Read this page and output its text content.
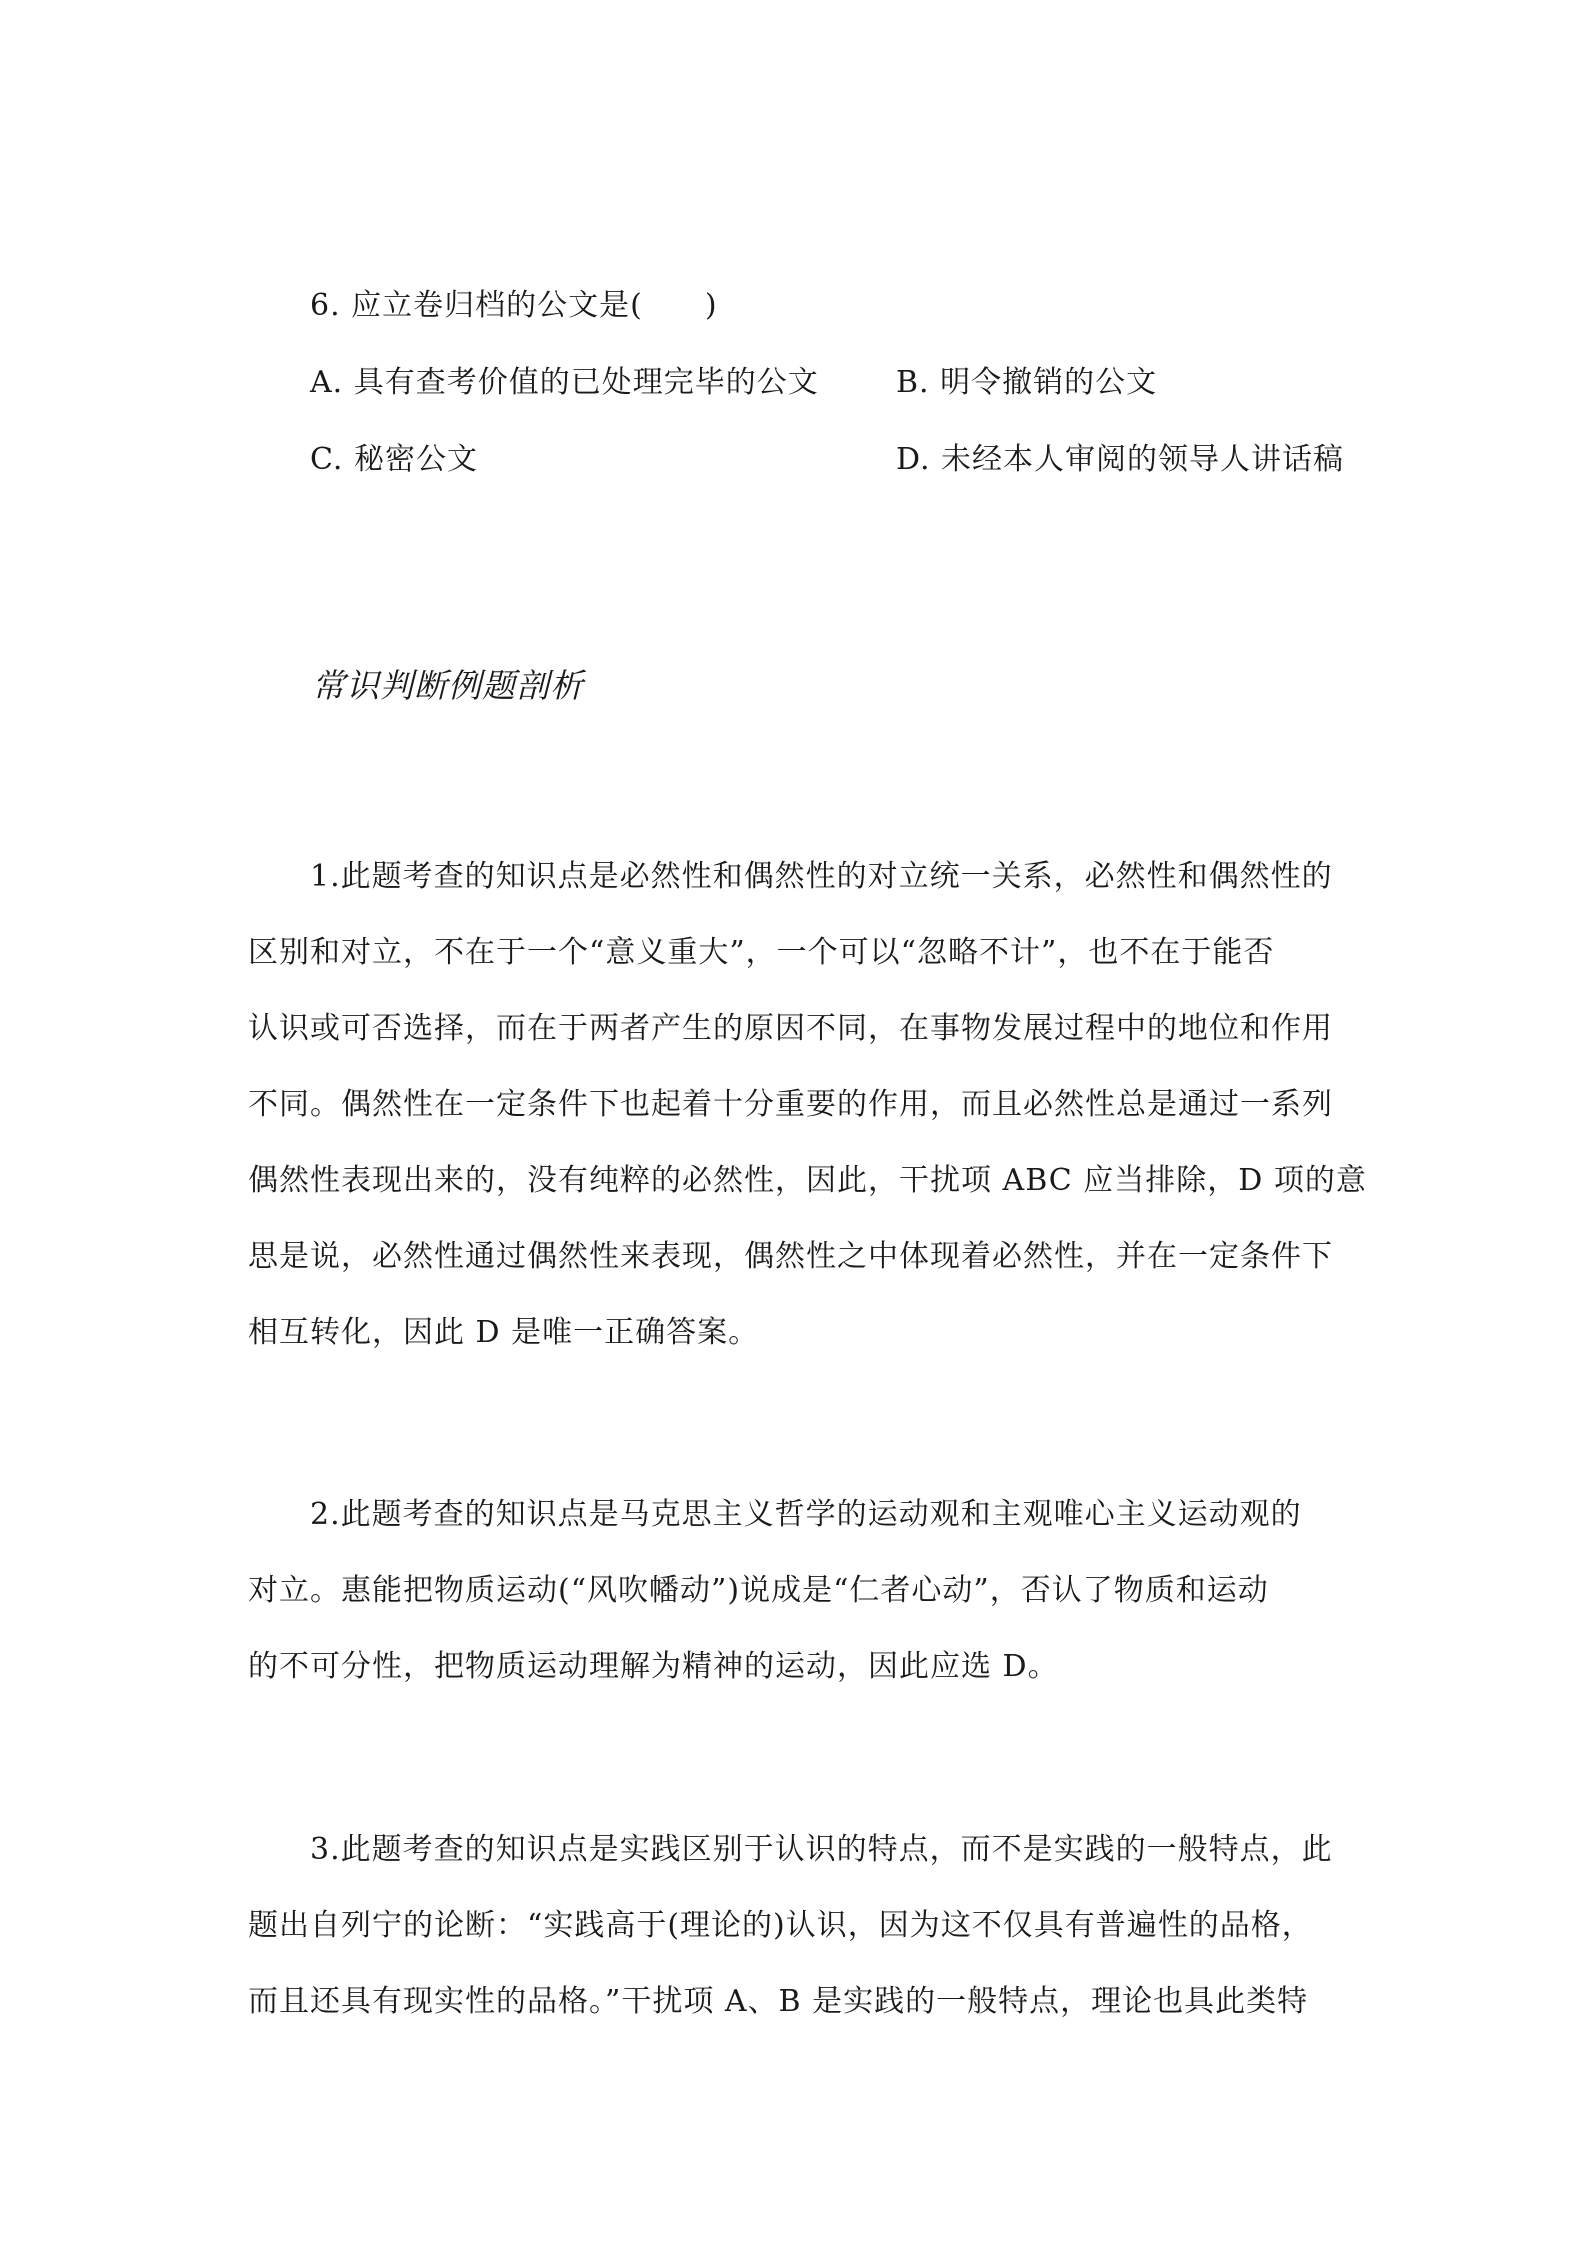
6. 应立卷归档的公文是(　　)
A. 具有查考价值的已处理完毕的公文	B. 明令撤销的公文
C. 秘密公文	D. 未经本人审阅的领导人讲话稿
常识判断例题剖析
1.此题考查的知识点是必然性和偶然性的对立统一关系，必然性和偶然性的
区别和对立，不在于一个“意义重大”，一个可以“忽略不计”，也不在于能否
认识或可否选择，而在于两者产生的原因不同，在事物发展过程中的地位和作用
不同。偶然性在一定条件下也起着十分重要的作用，而且必然性总是通过一系列
偶然性表现出来的，没有纯粹的必然性，因此，干扰项 ABC 应当排除，D 项的意
思是说，必然性通过偶然性来表现，偶然性之中体现着必然性，并在一定条件下
相互转化，因此 D 是唯一正确答案。
2.此题考查的知识点是马克思主义哲学的运动观和主观唯心主义运动观的
对立。惠能把物质运动(“风吹幡动”)说成是“仁者心动”，否认了物质和运动
的不可分性，把物质运动理解为精神的运动，因此应选 D。
3.此题考查的知识点是实践区别于认识的特点，而不是实践的一般特点，此
题出自列宁的论断：“实践高于(理论的)认识，因为这不仅具有普遍性的品格，
而且还具有现实性的品格。”干扰项 A、B 是实践的一般特点，理论也具此类特
